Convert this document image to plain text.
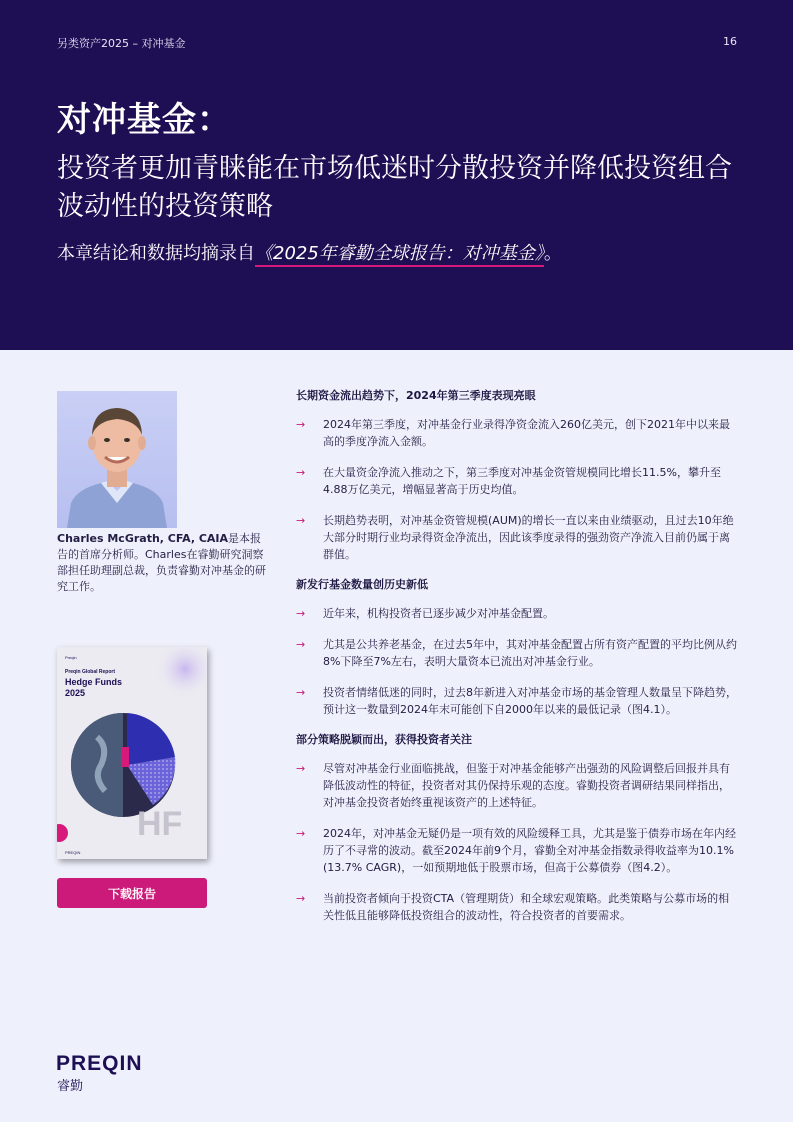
另类资产2025 – 对冲基金	16
对冲基金：
投资者更加青睐能在市场低迷时分散投资并降低投资组合波动性的投资策略
本章结论和数据均摘录自《2025年睿勤全球报告：对冲基金》。
Charles McGrath, CFA, CAIA是本报告的首席分析师。Charles在睿勤研究洞察部担任助理副总裁，负责睿勤对冲基金的研究工作。
Preqin
Preqin Global Report
Hedge Funds
2025
HF
PREQIN
下载报告
长期资金流出趋势下，2024年第三季度表现亮眼
→ 2024年第三季度，对冲基金行业录得净资金流入260亿美元，创下2021年中以来最高的季度净流入金额。
→ 在大量资金净流入推动之下，第三季度对冲基金资管规模同比增长11.5%，攀升至4.88万亿美元，增幅显著高于历史均值。
→ 长期趋势表明，对冲基金资管规模(AUM)的增长一直以来由业绩驱动，且过去10年绝大部分时期行业均录得资金净流出，因此该季度录得的强劲资产净流入目前仍属于离群值。
新发行基金数量创历史新低
→ 近年来，机构投资者已逐步减少对冲基金配置。
→ 尤其是公共养老基金，在过去5年中，其对冲基金配置占所有资产配置的平均比例从约8%下降至7%左右，表明大量资本已流出对冲基金行业。
→ 投资者情绪低迷的同时，过去8年新进入对冲基金市场的基金管理人数量呈下降趋势，预计这一数量到2024年末可能创下自2000年以来的最低记录（图4.1）。
部分策略脱颖而出，获得投资者关注
→ 尽管对冲基金行业面临挑战，但鉴于对冲基金能够产出强劲的风险调整后回报并具有降低波动性的特征，投资者对其仍保持乐观的态度。睿勤投资者调研结果同样指出，对冲基金投资者始终重视该资产的上述特征。
→ 2024年，对冲基金无疑仍是一项有效的风险缓释工具，尤其是鉴于债券市场在年内经历了不寻常的波动。截至2024年前9个月，睿勤全对冲基金指数录得收益率为10.1%(13.7% CAGR)，一如预期地低于股票市场，但高于公募债券（图4.2）。
→ 当前投资者倾向于投资CTA（管理期货）和全球宏观策略。此类策略与公募市场的相关性低且能够降低投资组合的波动性，符合投资者的首要需求。
PREQIN
睿勤
